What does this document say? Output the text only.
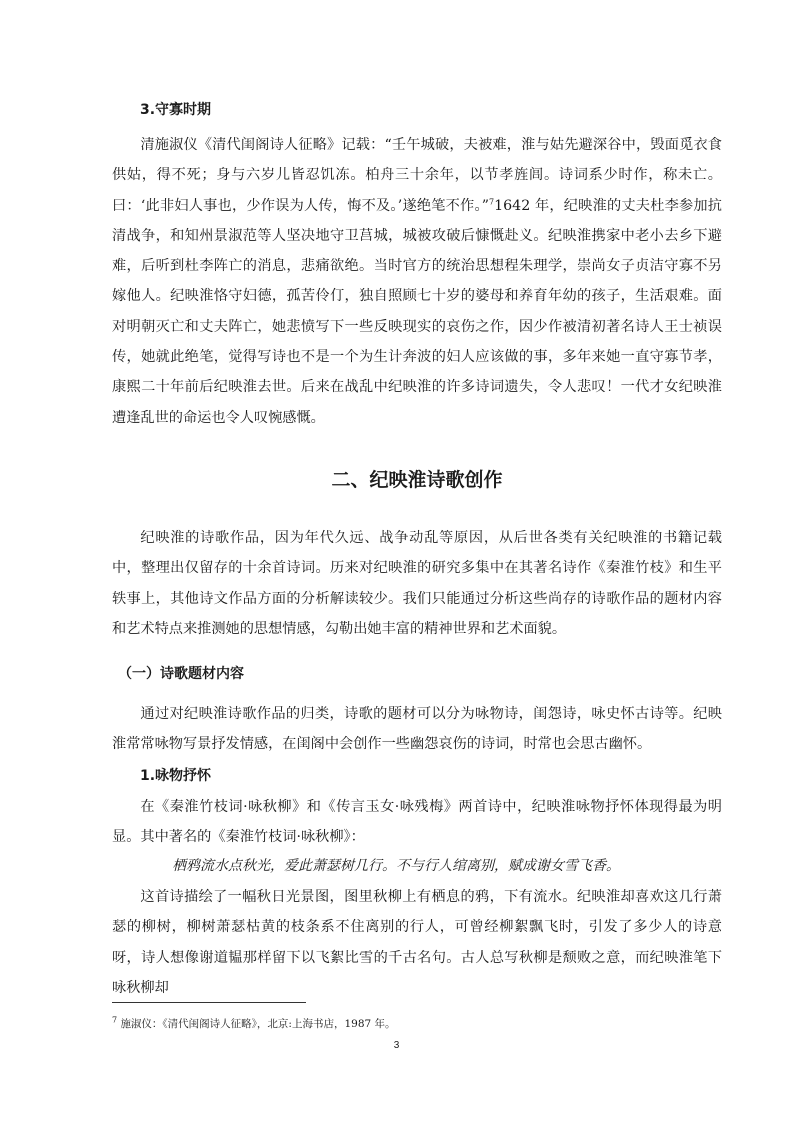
3.守寡时期

清施淑仪《清代闺阁诗人征略》记载：“壬午城破，夫被难，淮与姑先避深谷中，毁面觅衣食供姑，得不死；身与六岁儿皆忍饥冻。柏舟三十余年，以节孝旌闾。诗词系少时作，称未亡。曰：‘此非妇人事也，少作误为人传，悔不及。’遂绝笔不作。”$^7$1642 年，纪映淮的丈夫杜李参加抗清战争，和知州景淑范等人坚决地守卫莒城，城被攻破后慷慨赴义。纪映淮携家中老小去乡下避难，后听到杜李阵亡的消息，悲痛欲绝。当时官方的统治思想程朱理学，崇尚女子贞洁守寡不另嫁他人。纪映淮恪守妇德，孤苦伶仃，独自照顾七十岁的婆母和养育年幼的孩子，生活艰难。面对明朝灭亡和丈夫阵亡，她悲愤写下一些反映现实的哀伤之作，因少作被清初著名诗人王士祯误传，她就此绝笔，觉得写诗也不是一个为生计奔波的妇人应该做的事，多年来她一直守寡节孝，康熙二十年前后纪映淮去世。后来在战乱中纪映淮的许多诗词遗失，令人悲叹！一代才女纪映淮遭逢乱世的命运也令人叹惋感慨。

二、纪映淮诗歌创作

纪映淮的诗歌作品，因为年代久远、战争动乱等原因，从后世各类有关纪映淮的书籍记载中，整理出仅留存的十余首诗词。历来对纪映淮的研究多集中在其著名诗作《秦淮竹枝》和生平轶事上，其他诗文作品方面的分析解读较少。我们只能通过分析这些尚存的诗歌作品的题材内容和艺术特点来推测她的思想情感，勾勒出她丰富的精神世界和艺术面貌。

（一）诗歌题材内容

通过对纪映淮诗歌作品的归类，诗歌的题材可以分为咏物诗，闺怨诗，咏史怀古诗等。纪映淮常常咏物写景抒发情感，在闺阁中会创作一些幽怨哀伤的诗词，时常也会思古幽怀。

1.咏物抒怀

在《秦淮竹枝词·咏秋柳》和《传言玉女·咏残梅》两首诗中，纪映淮咏物抒怀体现得最为明显。其中著名的《秦淮竹枝词·咏秋柳》：

栖鸦流水点秋光，爱此萧瑟树几行。不与行人绾离别，赋成谢女雪飞香。

这首诗描绘了一幅秋日光景图，图里秋柳上有栖息的鸦，下有流水。纪映淮却喜欢这几行萧瑟的柳树，柳树萧瑟枯黄的枝条系不住离别的行人，可曾经柳絮飘飞时，引发了多少人的诗意呀，诗人想像谢道韫那样留下以飞絮比雪的千古名句。古人总写秋柳是颓败之意，而纪映淮笔下咏秋柳却

$^7$ 施淑仪：《清代闺阁诗人征略》，北京:上海书店，1987 年。
3
